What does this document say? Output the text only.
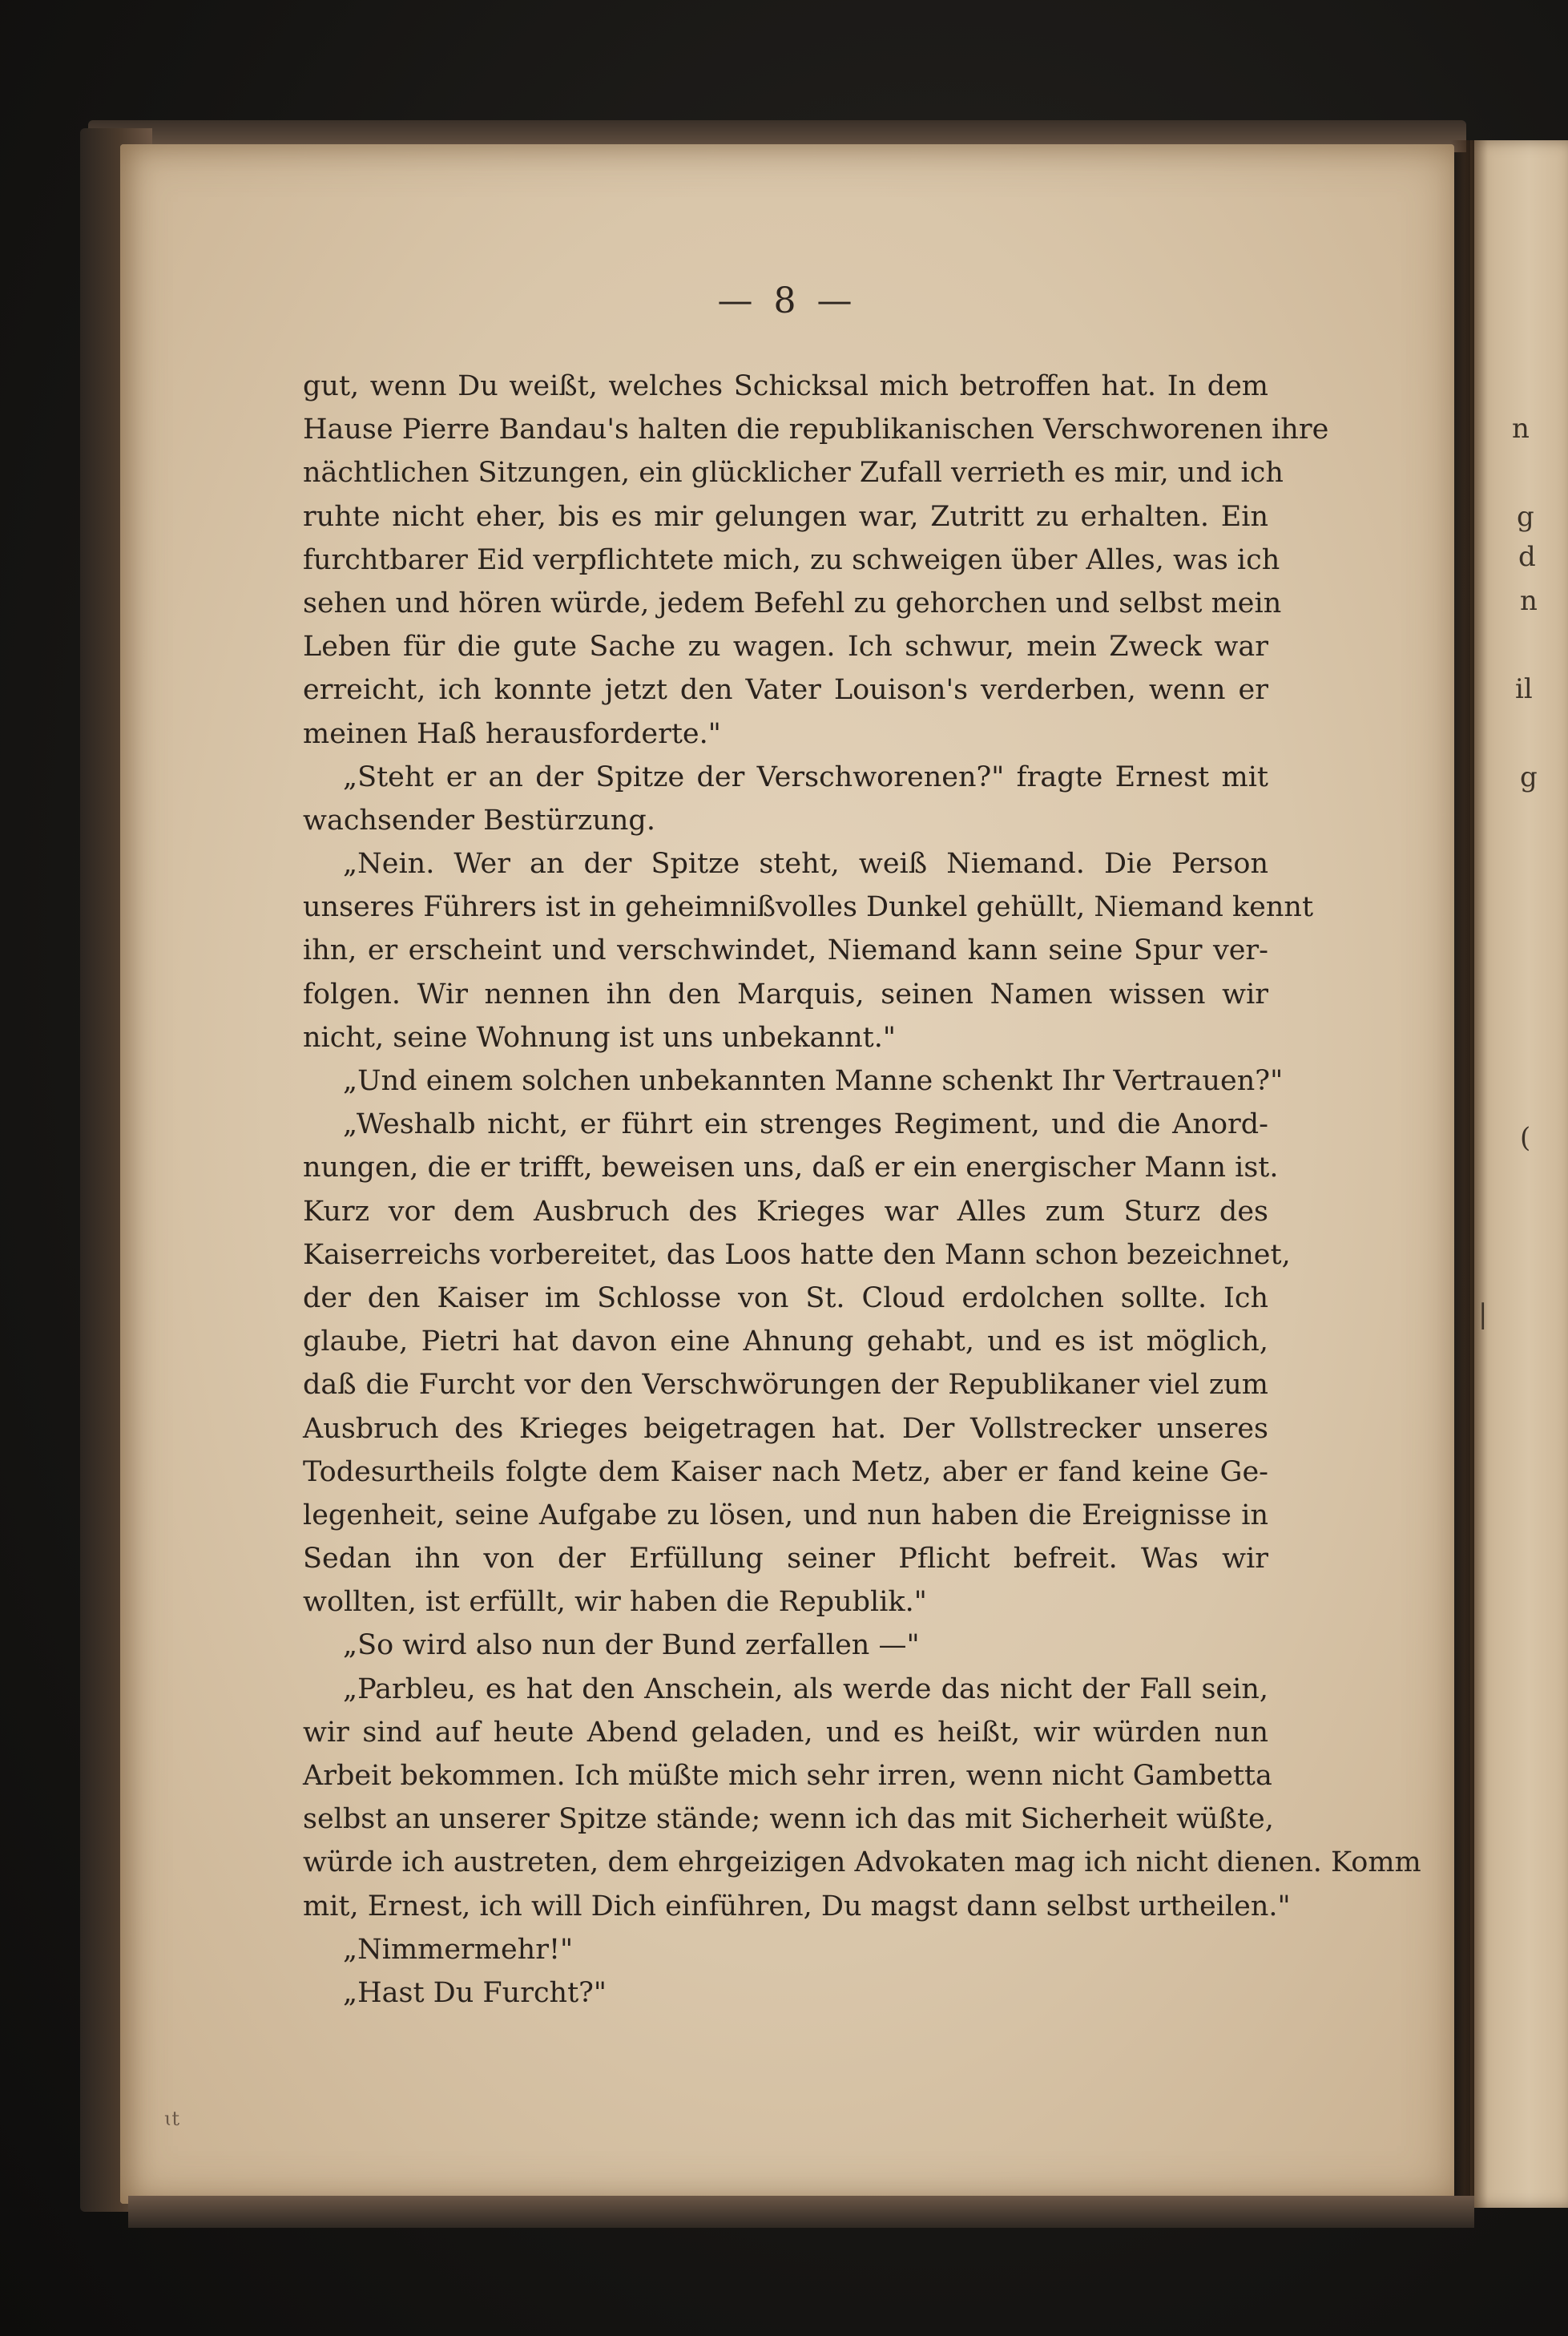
n
g
d
n
il
g
(
|
— 8 —
gut, wenn Du weißt, welches Schicksal mich betroffen hat. In dem
Hause Pierre Bandau's halten die republikanischen Verschworenen ihre
nächtlichen Sitzungen, ein glücklicher Zufall verrieth es mir, und ich
ruhte nicht eher, bis es mir gelungen war, Zutritt zu erhalten. Ein
furchtbarer Eid verpflichtete mich, zu schweigen über Alles, was ich
sehen und hören würde, jedem Befehl zu gehorchen und selbst mein
Leben für die gute Sache zu wagen. Ich schwur, mein Zweck war
erreicht, ich konnte jetzt den Vater Louison's verderben, wenn er
meinen Haß herausforderte."
„Steht er an der Spitze der Verschworenen?" fragte Ernest mit
wachsender Bestürzung.
„Nein. Wer an der Spitze steht, weiß Niemand. Die Person
unseres Führers ist in geheimnißvolles Dunkel gehüllt, Niemand kennt
ihn, er erscheint und verschwindet, Niemand kann seine Spur ver-
folgen. Wir nennen ihn den Marquis, seinen Namen wissen wir
nicht, seine Wohnung ist uns unbekannt."
„Und einem solchen unbekannten Manne schenkt Ihr Vertrauen?"
„Weshalb nicht, er führt ein strenges Regiment, und die Anord-
nungen, die er trifft, beweisen uns, daß er ein energischer Mann ist.
Kurz vor dem Ausbruch des Krieges war Alles zum Sturz des
Kaiserreichs vorbereitet, das Loos hatte den Mann schon bezeichnet,
der den Kaiser im Schlosse von St. Cloud erdolchen sollte. Ich
glaube, Pietri hat davon eine Ahnung gehabt, und es ist möglich,
daß die Furcht vor den Verschwörungen der Republikaner viel zum
Ausbruch des Krieges beigetragen hat. Der Vollstrecker unseres
Todesurtheils folgte dem Kaiser nach Metz, aber er fand keine Ge-
legenheit, seine Aufgabe zu lösen, und nun haben die Ereignisse in
Sedan ihn von der Erfüllung seiner Pflicht befreit. Was wir
wollten, ist erfüllt, wir haben die Republik."
„So wird also nun der Bund zerfallen —"
„Parbleu, es hat den Anschein, als werde das nicht der Fall sein,
wir sind auf heute Abend geladen, und es heißt, wir würden nun
Arbeit bekommen. Ich müßte mich sehr irren, wenn nicht Gambetta
selbst an unserer Spitze stände; wenn ich das mit Sicherheit wüßte,
würde ich austreten, dem ehrgeizigen Advokaten mag ich nicht dienen. Komm
mit, Ernest, ich will Dich einführen, Du magst dann selbst urtheilen."
„Nimmermehr!"
„Hast Du Furcht?"
ɩt
